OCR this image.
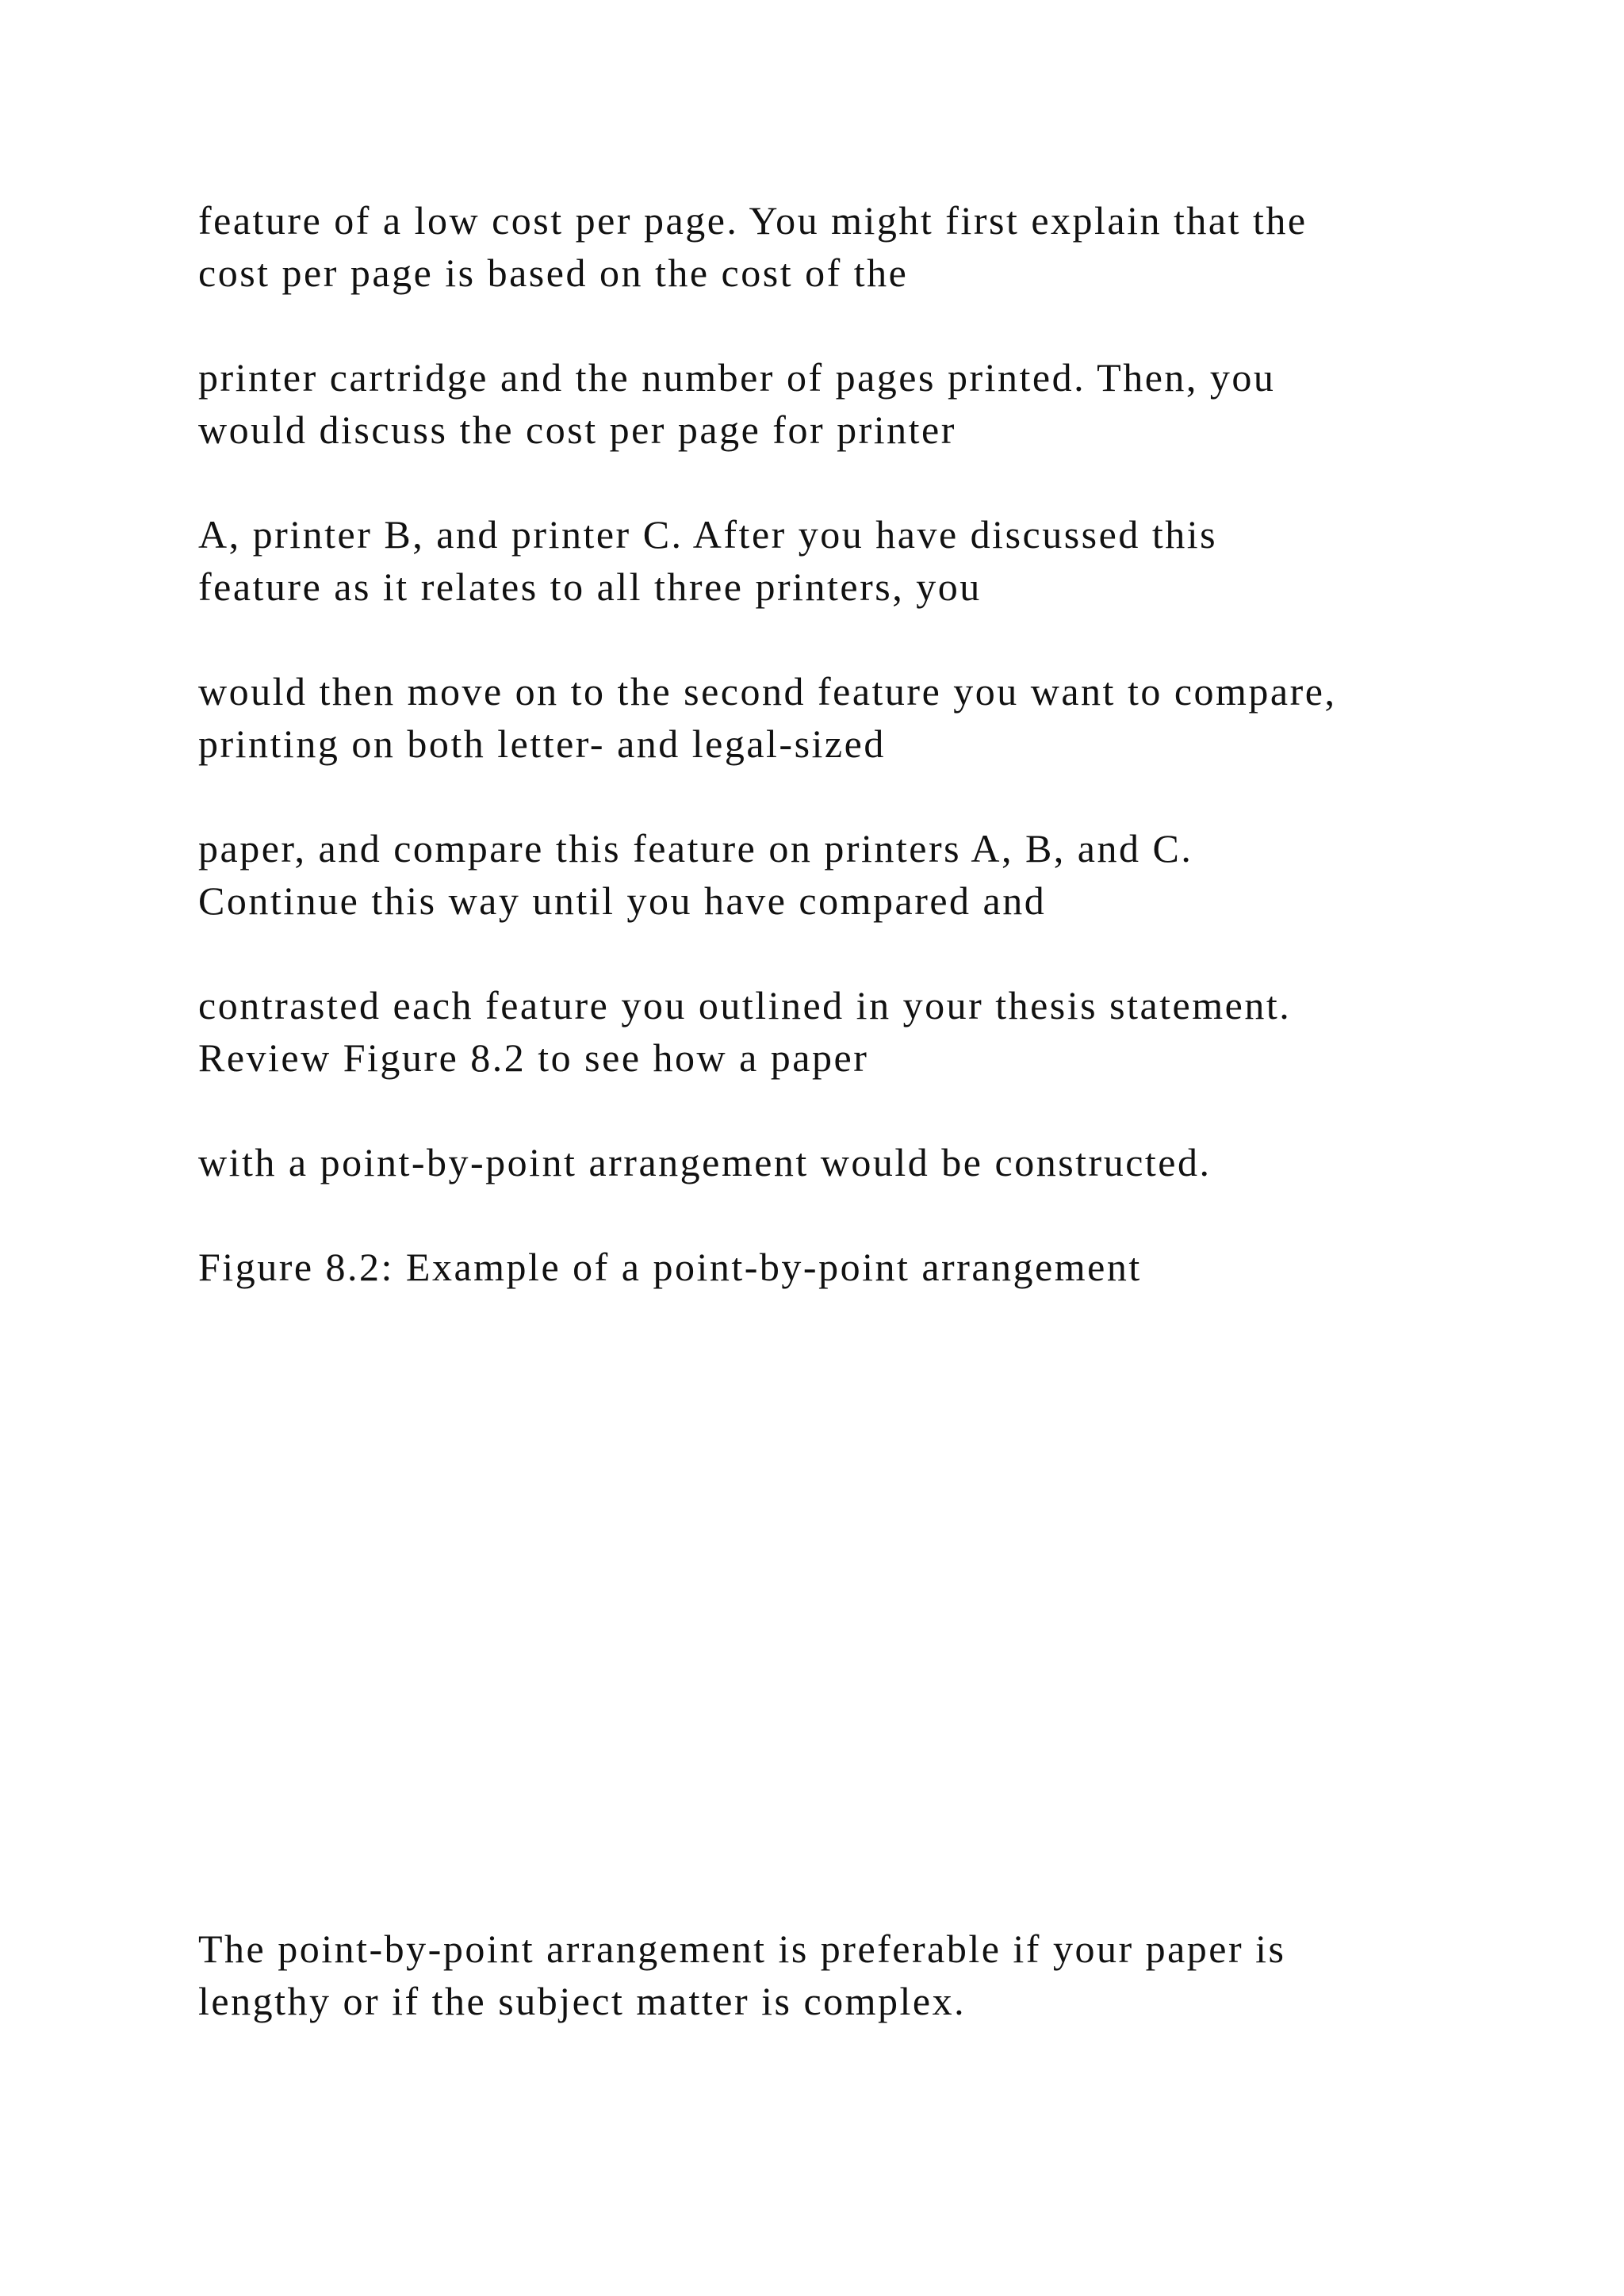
feature of a low cost per page. You might first explain that the
cost per page is based on the cost of the

printer cartridge and the number of pages printed. Then, you
would discuss the cost per page for printer

A, printer B, and printer C. After you have discussed this
feature as it relates to all three printers, you

would then move on to the second feature you want to compare,
printing on both letter- and legal-sized

paper, and compare this feature on printers A, B, and C.
Continue this way until you have compared and

contrasted each feature you outlined in your thesis statement.
Review Figure 8.2 to see how a paper

with a point-by-point arrangement would be constructed.

Figure 8.2: Example of a point-by-point arrangement

The point-by-point arrangement is preferable if your paper is
lengthy or if the subject matter is complex.
